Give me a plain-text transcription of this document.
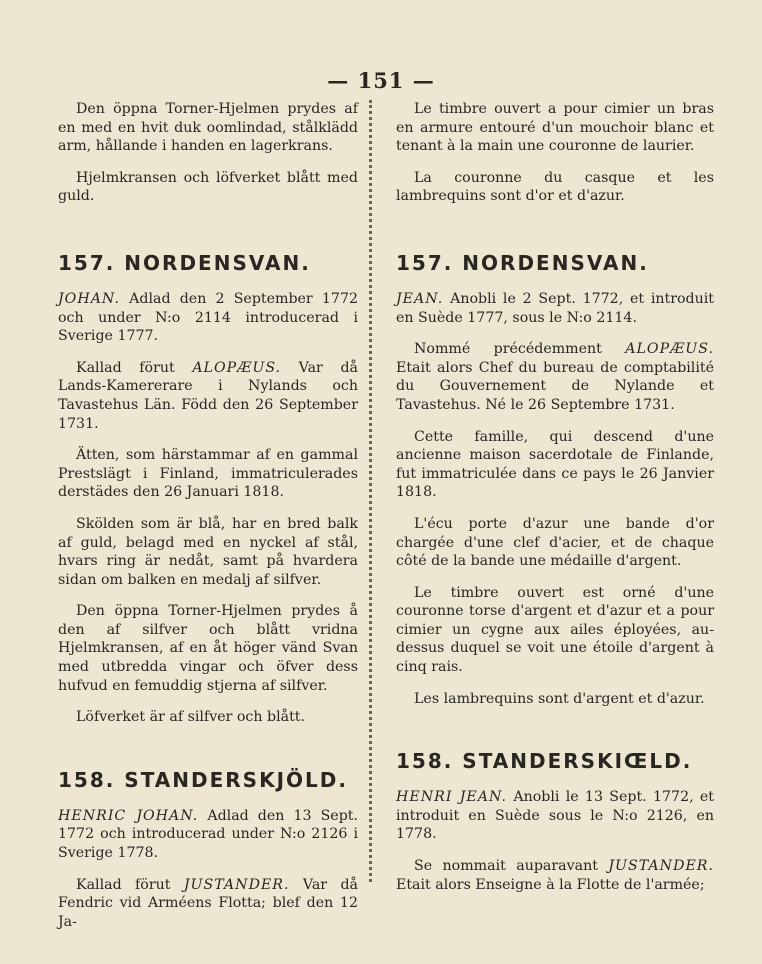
— 151 —

Den öppna Torner-Hjelmen prydes af en med en hvit duk oomlindad, stålklädd arm, hållande i handen en lagerkrans.

Hjelmkransen och löfverket blått med guld.

157. NORDENSVAN.

JOHAN. Adlad den 2 September 1772 och under N:o 2114 introducerad i Sverige 1777.

Kallad förut ALOPÆUS. Var då Lands-Kamererare i Nylands och Tavastehus Län. Född den 26 September 1731.

Ätten, som härstammar af en gammal Prestslägt i Finland, immatriculerades derstädes den 26 Januari 1818.

Skölden som är blå, har en bred balk af guld, belagd med en nyckel af stål, hvars ring är nedåt, samt på hvardera sidan om balken en medalj af silfver.

Den öppna Torner-Hjelmen prydes å den af silfver och blått vridna Hjelmkransen, af en åt höger vänd Svan med utbredda vingar och öfver dess hufvud en femuddig stjerna af silfver.

Löfverket är af silfver och blått.

158. STANDERSKJÖLD.

HENRIC JOHAN. Adlad den 13 Sept. 1772 och introducerad under N:o 2126 i Sverige 1778.

Kallad förut JUSTANDER. Var då Fendric vid Arméens Flotta; blef den 12 Ja-

Le timbre ouvert a pour cimier un bras en armure entouré d'un mouchoir blanc et tenant à la main une couronne de laurier.

La couronne du casque et les lambrequins sont d'or et d'azur.

157. NORDENSVAN.

JEAN. Anobli le 2 Sept. 1772, et introduit en Suède 1777, sous le N:o 2114.

Nommé précédemment ALOPÆUS. Etait alors Chef du bureau de comptabilité du Gouvernement de Nylande et Tavastehus. Né le 26 Septembre 1731.

Cette famille, qui descend d'une ancienne maison sacerdotale de Finlande, fut immatriculée dans ce pays le 26 Janvier 1818.

L'écu porte d'azur une bande d'or chargée d'une clef d'acier, et de chaque côté de la bande une médaille d'argent.

Le timbre ouvert est orné d'une couronne torse d'argent et d'azur et a pour cimier un cygne aux ailes éployées, au-dessus duquel se voit une étoile d'argent à cinq rais.

Les lambrequins sont d'argent et d'azur.

158. STANDERSKIŒLD.

HENRI JEAN. Anobli le 13 Sept. 1772, et introduit en Suède sous le N:o 2126, en 1778.

Se nommait auparavant JUSTANDER. Etait alors Enseigne à la Flotte de l'armée;
